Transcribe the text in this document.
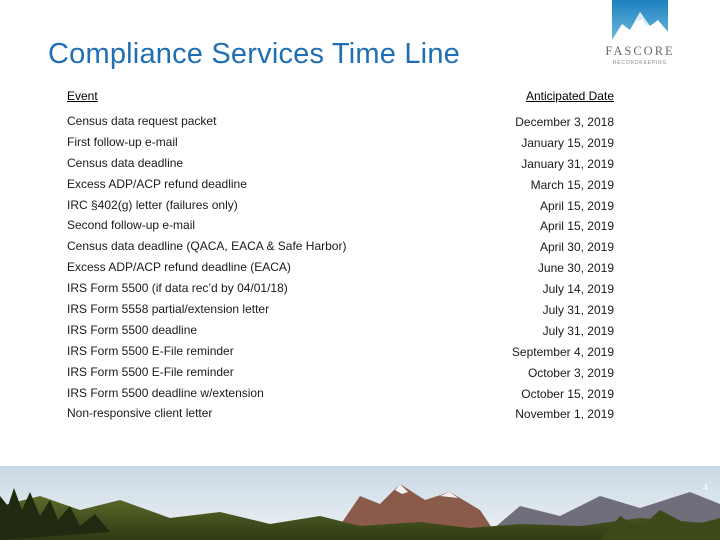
Compliance Services Time Line	FASCORE
RECORDKEEPING
Event	Anticipated Date
Census data request packet	December 3, 2018
First follow-up e-mail	January 15, 2019
Census data deadline	January 31, 2019
Excess ADP/ACP refund deadline	March 15, 2019
IRC §402(g) letter (failures only)	April 15, 2019
Second follow-up e-mail	April 15, 2019
Census data deadline (QACA, EACA & Safe Harbor)	April 30, 2019
Excess ADP/ACP refund deadline (EACA)	June 30, 2019
IRS Form 5500 (if data rec’d by 04/01/18)	July 14, 2019
IRS Form 5558 partial/extension letter	July 31, 2019
IRS Form 5500 deadline	July 31, 2019
IRS Form 5500 E-File reminder	September 4, 2019
IRS Form 5500 E-File reminder	October 3, 2019
IRS Form 5500 deadline w/extension	October 15, 2019
Non-responsive client letter	November 1, 2019
4
